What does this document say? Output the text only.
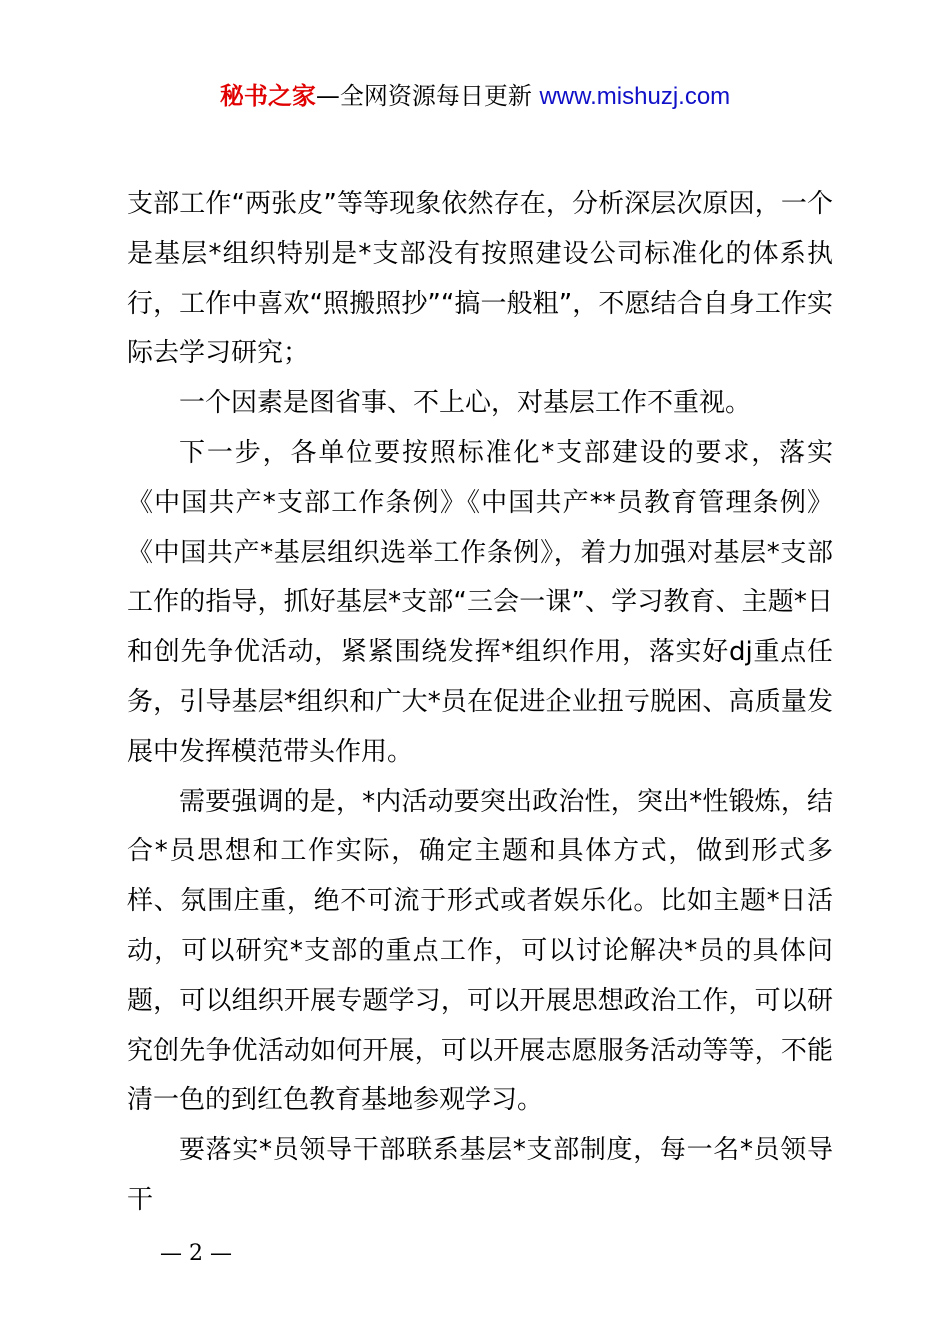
秘书之家—全网资源每日更新 www.mishuzj.com

支部工作“两张皮”等等现象依然存在，分析深层次原因，一个是基层*组织特别是*支部没有按照建设公司标准化的体系执行，工作中喜欢“照搬照抄”“搞一般粗”，不愿结合自身工作实际去学习研究；

一个因素是图省事、不上心，对基层工作不重视。

下一步，各单位要按照标准化*支部建设的要求，落实《中国共产*支部工作条例》《中国共产**员教育管理条例》《中国共产*基层组织选举工作条例》，着力加强对基层*支部工作的指导，抓好基层*支部“三会一课”、学习教育、主题*日和创先争优活动，紧紧围绕发挥*组织作用，落实好dj重点任务，引导基层*组织和广大*员在促进企业扭亏脱困、高质量发展中发挥模范带头作用。

需要强调的是，*内活动要突出政治性，突出*性锻炼，结合*员思想和工作实际，确定主题和具体方式，做到形式多样、氛围庄重，绝不可流于形式或者娱乐化。比如主题*日活动，可以研究*支部的重点工作，可以讨论解决*员的具体问题，可以组织开展专题学习，可以开展思想政治工作，可以研究创先争优活动如何开展，可以开展志愿服务活动等等，不能清一色的到红色教育基地参观学习。

要落实*员领导干部联系基层*支部制度，每一名*员领导干

— 2 —
